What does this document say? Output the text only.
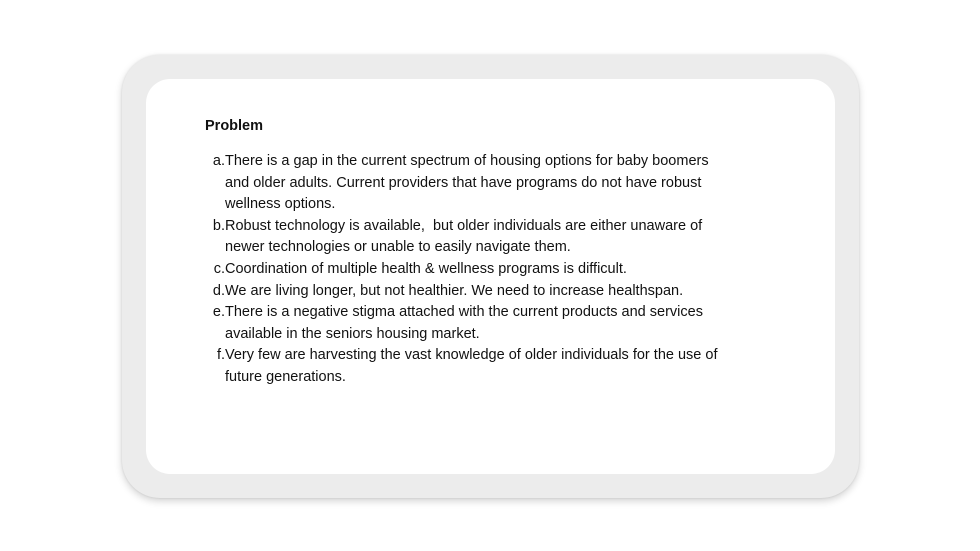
Problem
a. There is a gap in the current spectrum of housing options for baby boomers
and older adults. Current providers that have programs do not have robust
wellness options.
b. Robust technology is available,  but older individuals are either unaware of
newer technologies or unable to easily navigate them.
c. Coordination of multiple health & wellness programs is difficult.
d. We are living longer, but not healthier. We need to increase healthspan.
e. There is a negative stigma attached with the current products and services
available in the seniors housing market.
f. Very few are harvesting the vast knowledge of older individuals for the use of
future generations.
